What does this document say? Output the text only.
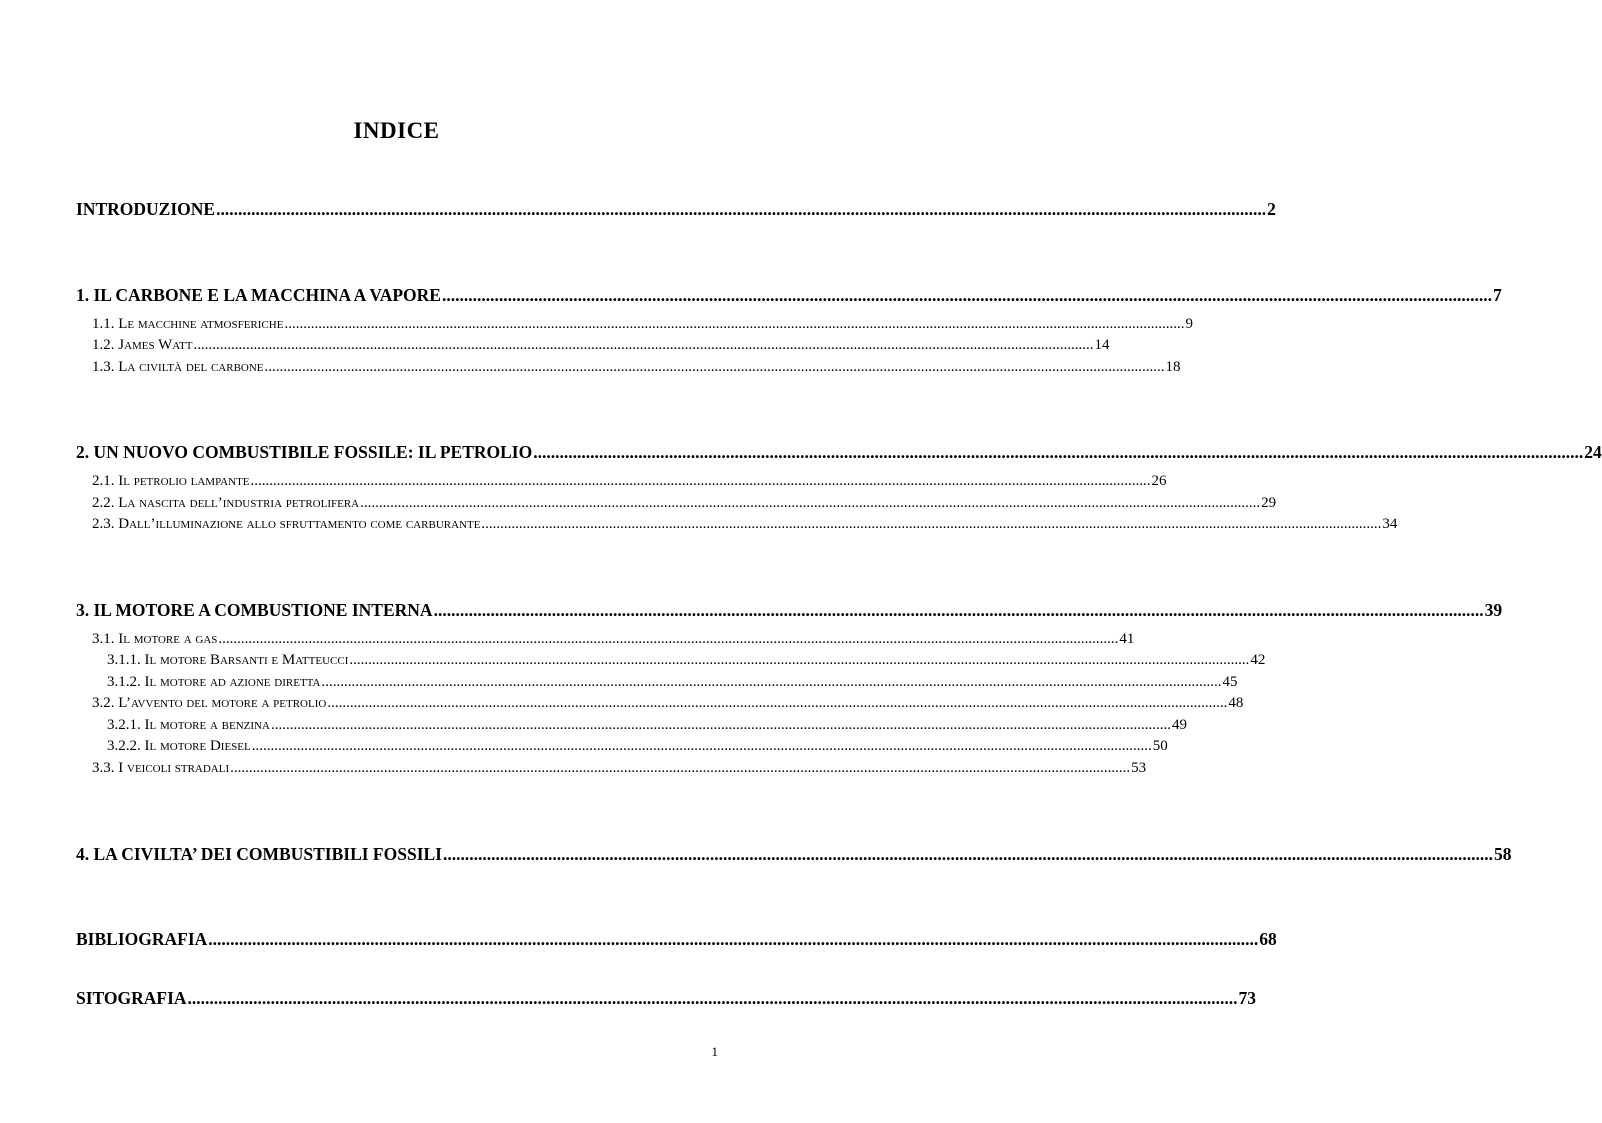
INDICE
INTRODUZIONE ................................................................................................................................................................................................................................................ 2
1. IL CARBONE E LA MACCHINA A VAPORE ................................................................................................................................................................................................................................................ 7
1.1. Le macchine atmosferiche ................................................................................................................................................................................................................................................ 9
1.2. James Watt ................................................................................................................................................................................................................................................ 14
1.3. La civiltà del carbone ................................................................................................................................................................................................................................................ 18
2. UN NUOVO COMBUSTIBILE FOSSILE: IL PETROLIO ................................................................................................................................................................................................................................................ 24
2.1. Il petrolio lampante ................................................................................................................................................................................................................................................ 26
2.2. La nascita dell’industria petrolifera ................................................................................................................................................................................................................................................ 29
2.3. Dall’illuminazione allo sfruttamento come carburante ................................................................................................................................................................................................................................................ 34
3. IL MOTORE A COMBUSTIONE INTERNA ................................................................................................................................................................................................................................................ 39
3.1. Il motore a gas ................................................................................................................................................................................................................................................ 41
3.1.1. Il motore Barsanti e Matteucci ................................................................................................................................................................................................................................................ 42
3.1.2. Il motore ad azione diretta ................................................................................................................................................................................................................................................ 45
3.2. L’avvento del motore a petrolio ................................................................................................................................................................................................................................................ 48
3.2.1. Il motore a benzina ................................................................................................................................................................................................................................................ 49
3.2.2. Il motore Diesel ................................................................................................................................................................................................................................................ 50
3.3. I veicoli stradali ................................................................................................................................................................................................................................................ 53
4. LA CIVILTA’ DEI COMBUSTIBILI FOSSILI ................................................................................................................................................................................................................................................ 58
BIBLIOGRAFIA ................................................................................................................................................................................................................................................ 68
SITOGRAFIA ................................................................................................................................................................................................................................................ 73
1
